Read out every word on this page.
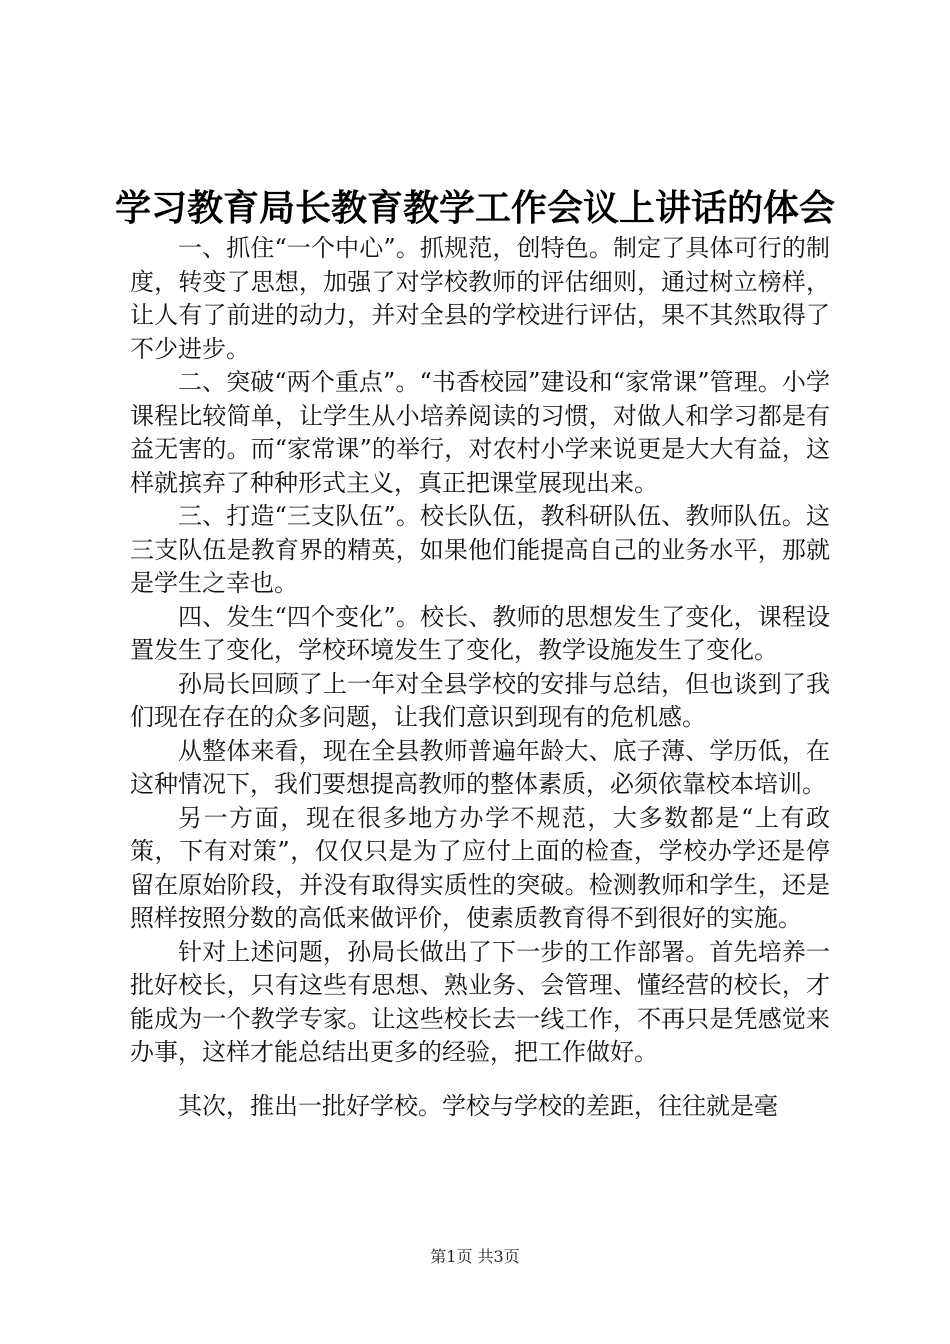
学习教育局长教育教学工作会议上讲话的体会

一、抓住“一个中心”。抓规范，创特色。制定了具体可行的制度，转变了思想，加强了对学校教师的评估细则，通过树立榜样，让人有了前进的动力，并对全县的学校进行评估，果不其然取得了不少进步。

二、突破“两个重点”。“书香校园”建设和“家常课”管理。小学课程比较简单，让学生从小培养阅读的习惯，对做人和学习都是有益无害的。而“家常课”的举行，对农村小学来说更是大大有益，这样就摈弃了种种形式主义，真正把课堂展现出来。

三、打造“三支队伍”。校长队伍，教科研队伍、教师队伍。这三支队伍是教育界的精英，如果他们能提高自己的业务水平，那就是学生之幸也。

四、发生“四个变化”。校长、教师的思想发生了变化，课程设置发生了变化，学校环境发生了变化，教学设施发生了变化。

孙局长回顾了上一年对全县学校的安排与总结，但也谈到了我们现在存在的众多问题，让我们意识到现有的危机感。

从整体来看，现在全县教师普遍年龄大、底子薄、学历低，在这种情况下，我们要想提高教师的整体素质，必须依靠校本培训。

另一方面，现在很多地方办学不规范，大多数都是“上有政策，下有对策”，仅仅只是为了应付上面的检查，学校办学还是停留在原始阶段，并没有取得实质性的突破。检测教师和学生，还是照样按照分数的高低来做评价，使素质教育得不到很好的实施。

针对上述问题，孙局长做出了下一步的工作部署。首先培养一批好校长，只有这些有思想、熟业务、会管理、懂经营的校长，才能成为一个教学专家。让这些校长去一线工作，不再只是凭感觉来办事，这样才能总结出更多的经验，把工作做好。

其次，推出一批好学校。学校与学校的差距，往往就是毫

第1页 共3页
